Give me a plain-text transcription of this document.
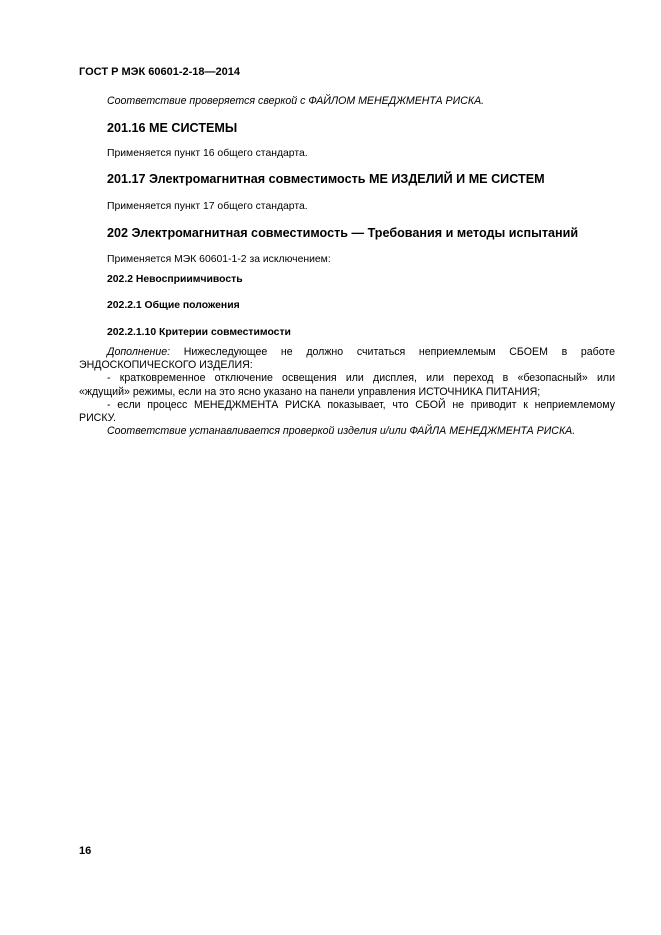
ГОСТ Р МЭК 60601-2-18—2014
Соответствие проверяется сверкой с ФАЙЛОМ МЕНЕДЖМЕНТА РИСКА.
201.16 МЕ СИСТЕМЫ
Применяется пункт 16 общего стандарта.
201.17 Электромагнитная совместимость МЕ ИЗДЕЛИЙ И МЕ СИСТЕМ
Применяется пункт 17 общего стандарта.
202 Электромагнитная совместимость — Требования и методы испытаний
Применяется МЭК 60601-1-2 за исключением:
202.2 Невосприимчивость
202.2.1 Общие положения
202.2.1.10 Критерии совместимости
Дополнение: Нижеследующее не должно считаться неприемлемым СБОЕМ в работе
ЭНДОСКОПИЧЕСКОГО ИЗДЕЛИЯ:
- кратковременное отключение освещения или дисплея, или переход в «безопасный» или
«ждущий» режимы, если на это ясно указано на панели управления ИСТОЧНИКА ПИТАНИЯ;
- если процесс МЕНЕДЖМЕНТА РИСКА показывает, что СБОЙ не приводит к неприемлемому
РИСКУ.
Соответствие устанавливается проверкой изделия и/или ФАЙЛА МЕНЕДЖМЕНТА РИСКА.
16
